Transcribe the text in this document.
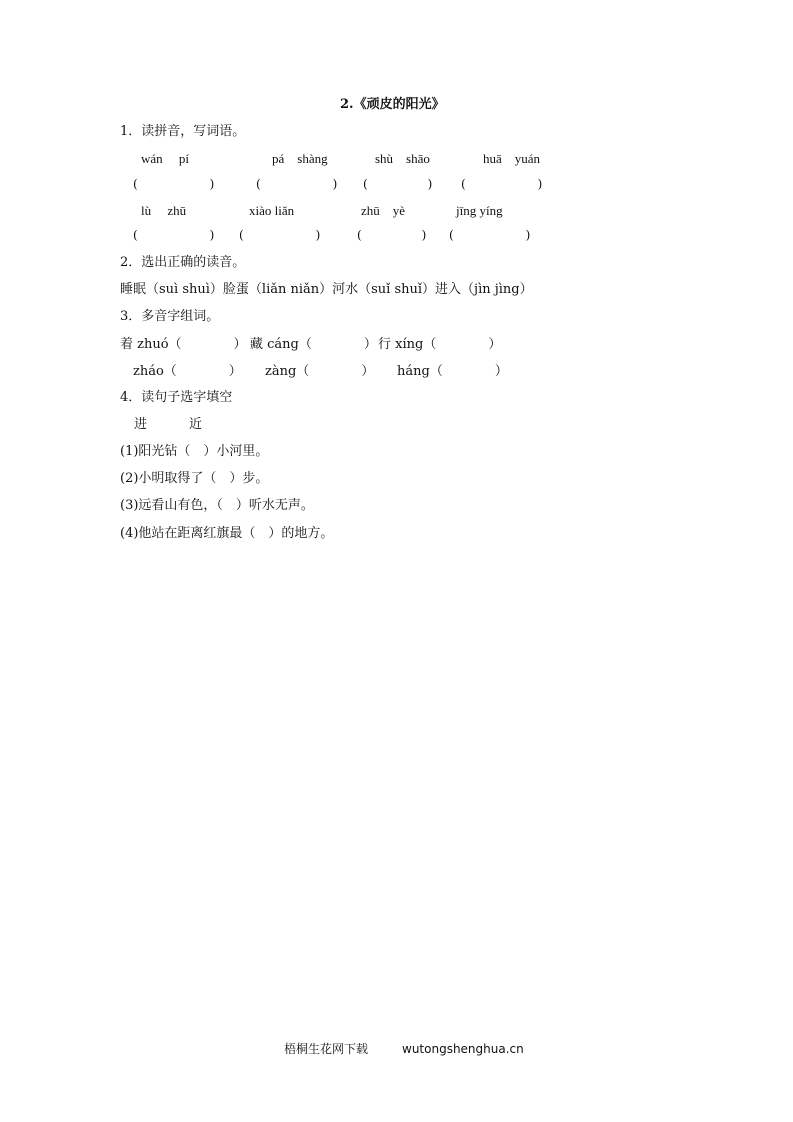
2.《顽皮的阳光》
1．读拼音，写词语。
wán　 pí	pá　shàng	shù　shāo	huā　yuán
(　　　　　　)	(　　　　　　) (　　　　　) (　　　　　　)
lù　 zhū	xiào liǎn	zhū　yè	jīng yíng
(　　　　　　) (　　　　　　)	(　　　　　) (　　　　　　)
2．选出正确的读音。
睡眠（suì shuì）脸蛋（liǎn niǎn）河水（suǐ shuǐ）进入（jìn jìng）
3．多音字组词。
着 zhuó（　　　　） 藏 cáng（　　　　） 行 xíng（　　　　）
zháo（　　　　） zàng（　　　　） háng（　　　　）
4．读句子选字填空
进	近
(1)阳光钻（　）小河里。
(2)小明取得了（　）步。
(3)远看山有色，（　）听水无声。
(4)他站在距离红旗最（　）的地方。
梧桐生花网下载	wutongshenghua.cn
